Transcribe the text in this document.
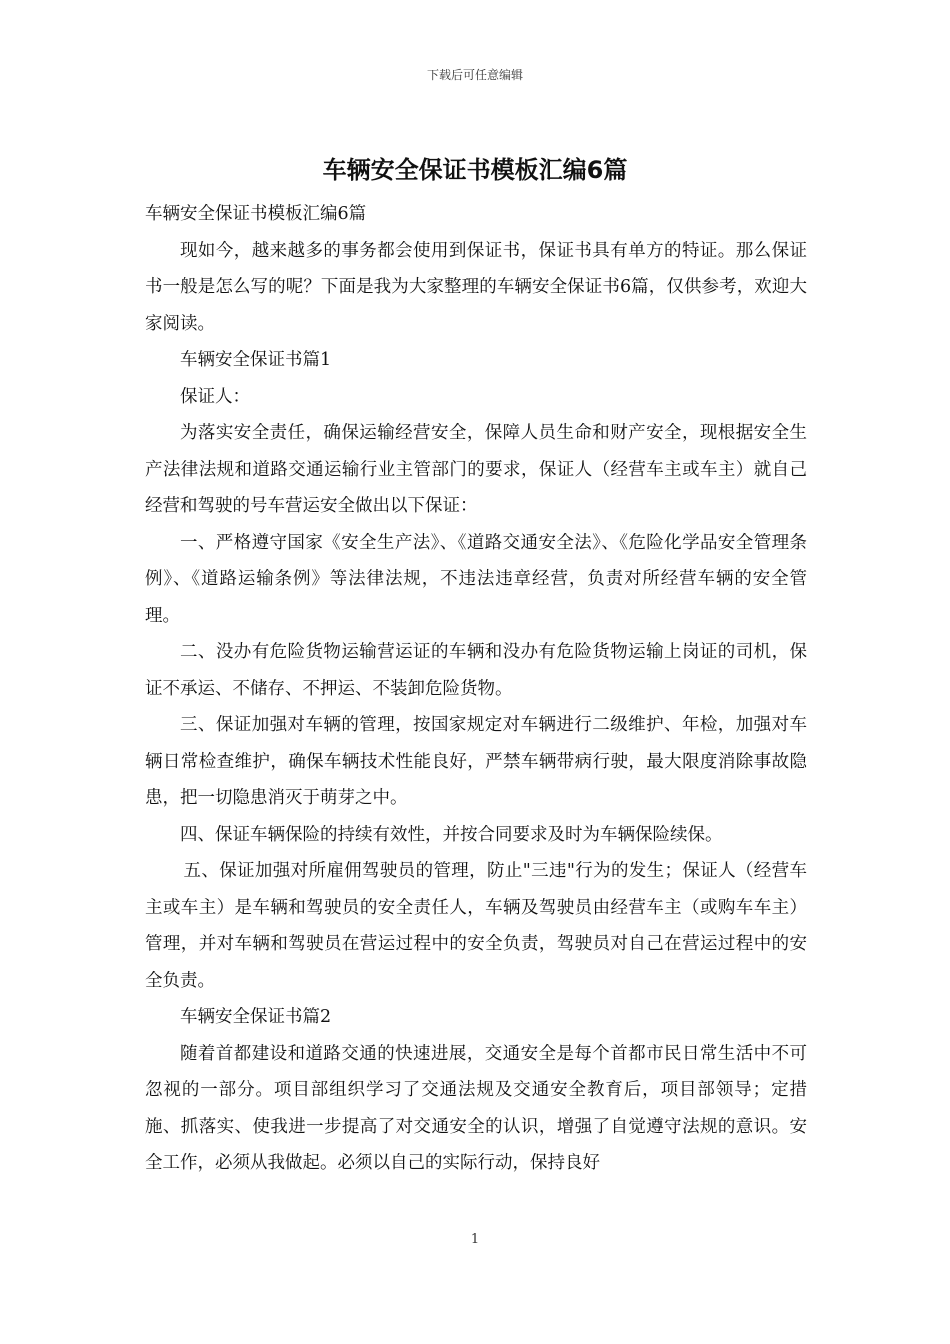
下载后可任意编辑
车辆安全保证书模板汇编6篇

车辆安全保证书模板汇编6篇

现如今，越来越多的事务都会使用到保证书，保证书具有单方的特证。那么保证书一般是怎么写的呢？下面是我为大家整理的车辆安全保证书6篇，仅供参考，欢迎大家阅读。

车辆安全保证书篇1

保证人：

为落实安全责任，确保运输经营安全，保障人员生命和财产安全，现根据安全生产法律法规和道路交通运输行业主管部门的要求，保证人（经营车主或车主）就自己经营和驾驶的号车营运安全做出以下保证：

一、严格遵守国家《安全生产法》、《道路交通安全法》、《危险化学品安全管理条例》、《道路运输条例》等法律法规，不违法违章经营，负责对所经营车辆的安全管理。

二、没办有危险货物运输营运证的车辆和没办有危险货物运输上岗证的司机，保证不承运、不储存、不押运、不装卸危险货物。

三、保证加强对车辆的管理，按国家规定对车辆进行二级维护、年检，加强对车辆日常检查维护，确保车辆技术性能良好，严禁车辆带病行驶，最大限度消除事故隐患，把一切隐患消灭于萌芽之中。

四、保证车辆保险的持续有效性，并按合同要求及时为车辆保险续保。

五、保证加强对所雇佣驾驶员的管理，防止"三违"行为的发生；保证人（经营车主或车主）是车辆和驾驶员的安全责任人，车辆及驾驶员由经营车主（或购车车主）管理，并对车辆和驾驶员在营运过程中的安全负责，驾驶员对自己在营运过程中的安全负责。

车辆安全保证书篇2

随着首都建设和道路交通的快速进展，交通安全是每个首都市民日常生活中不可忽视的一部分。项目部组织学习了交通法规及交通安全教育后，项目部领导；定措施、抓落实、使我进一步提高了对交通安全的认识，增强了自觉遵守法规的意识。安全工作，必须从我做起。必须以自己的实际行动，保持良好

1
